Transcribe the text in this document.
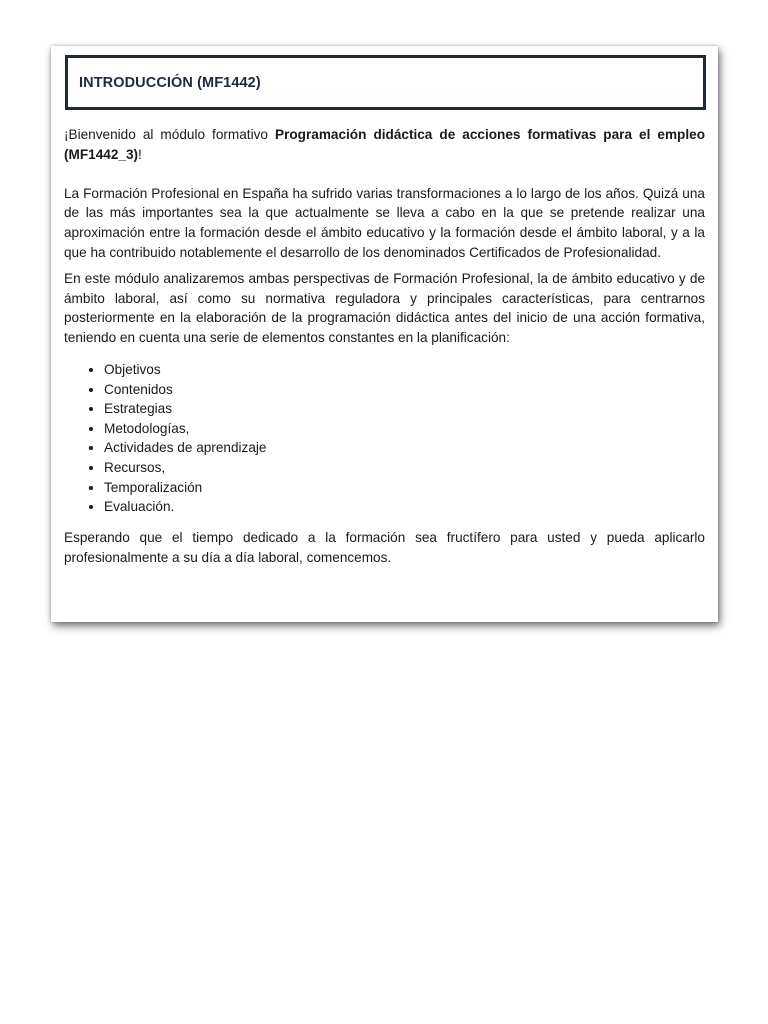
INTRODUCCIÓN (MF1442)

¡Bienvenido al módulo formativo Programación didáctica de acciones formativas para el empleo (MF1442_3)!

La Formación Profesional en España ha sufrido varias transformaciones a lo largo de los años. Quizá una de las más importantes sea la que actualmente se lleva a cabo en la que se pretende realizar una aproximación entre la formación desde el ámbito educativo y la formación desde el ámbito laboral, y a la que ha contribuido notablemente el desarrollo de los denominados Certificados de Profesionalidad.

En este módulo analizaremos ambas perspectivas de Formación Profesional, la de ámbito educativo y de ámbito laboral, así como su normativa reguladora y principales características, para centrarnos posteriormente en la elaboración de la programación didáctica antes del inicio de una acción formativa, teniendo en cuenta una serie de elementos constantes en la planificación:

• Objetivos
• Contenidos
• Estrategias
• Metodologías,
• Actividades de aprendizaje
• Recursos,
• Temporalización
• Evaluación.

Esperando que el tiempo dedicado a la formación sea fructífero para usted y pueda aplicarlo profesionalmente a su día a día laboral, comencemos.
